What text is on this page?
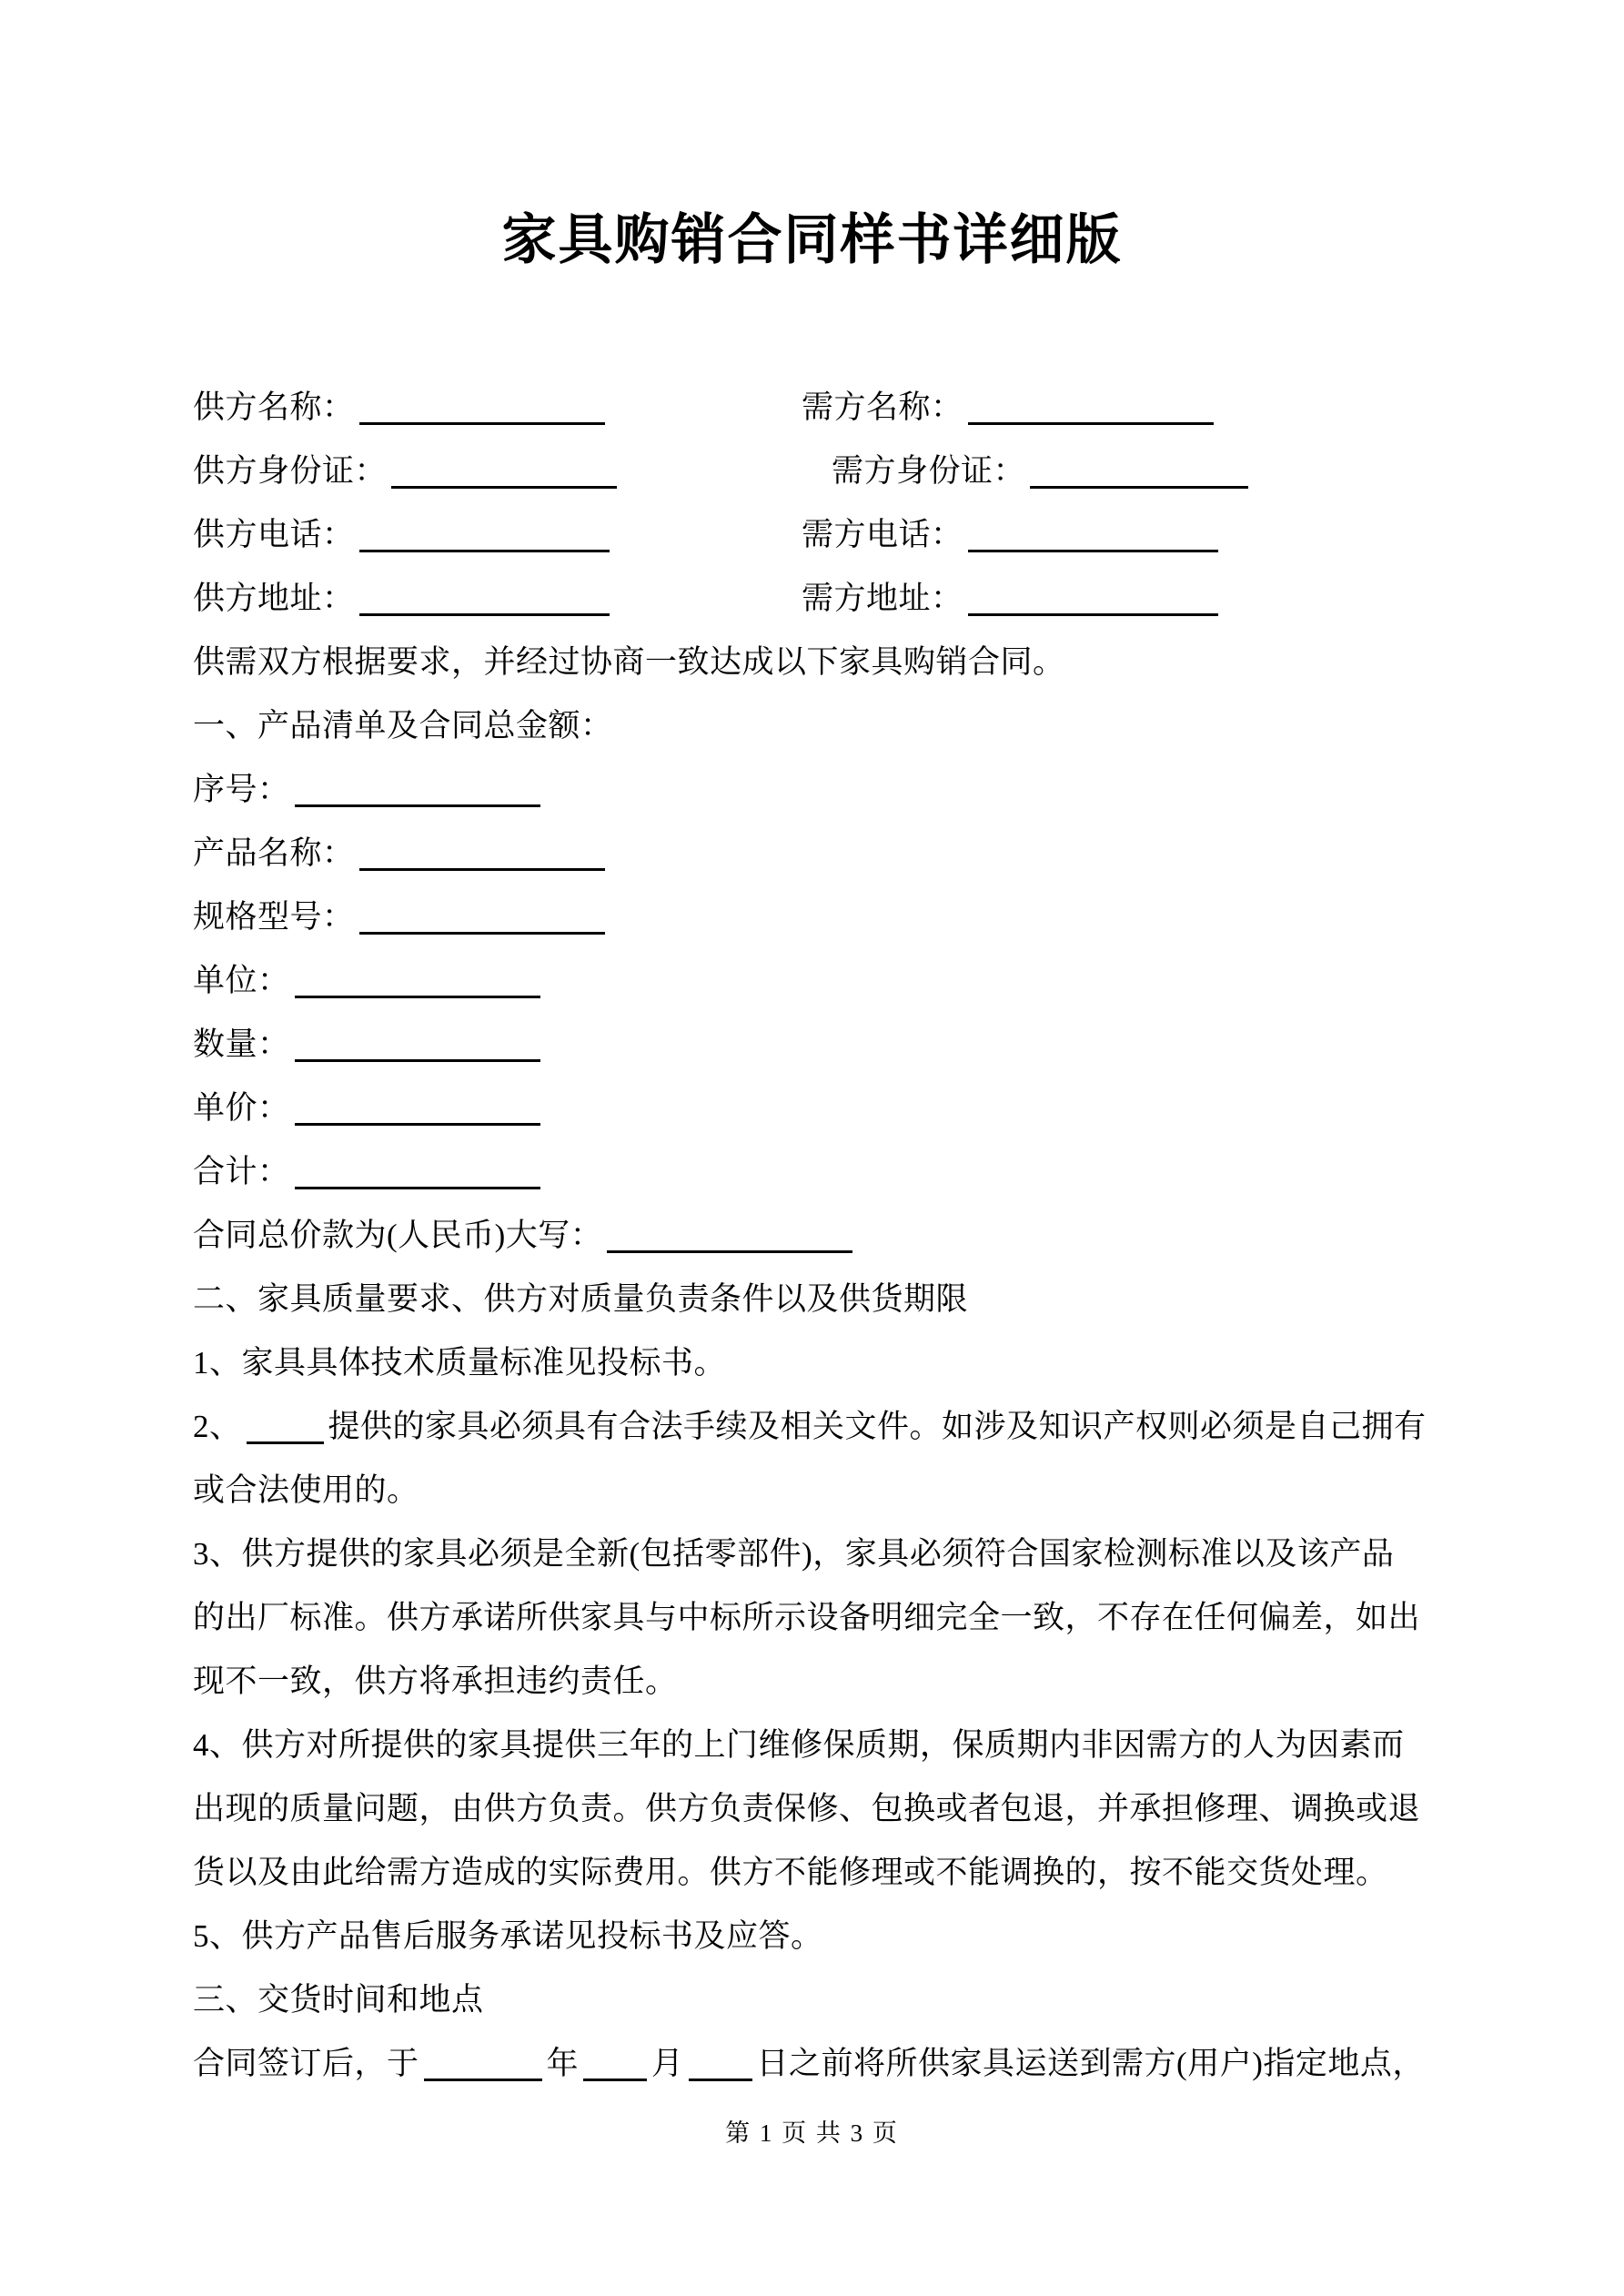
家具购销合同样书详细版
供方名称：	需方名称：
供方身份证：	需方身份证：
供方电话：	需方电话：
供方地址：	需方地址：
供需双方根据要求，并经过协商一致达成以下家具购销合同。
一、产品清单及合同总金额：
序号：
产品名称：
规格型号：
单位：
数量：
单价：
合计：
合同总价款为(人民币)大写：
二、家具质量要求、供方对质量负责条件以及供货期限
1、家具具体技术质量标准见投标书。
2、	提供的家具必须具有合法手续及相关文件。如涉及知识产权则必须是自己拥有
或合法使用的。
3、供方提供的家具必须是全新(包括零部件)，家具必须符合国家检测标准以及该产品
的出厂标准。供方承诺所供家具与中标所示设备明细完全一致，不存在任何偏差，如出
现不一致，供方将承担违约责任。
4、供方对所提供的家具提供三年的上门维修保质期，保质期内非因需方的人为因素而
出现的质量问题，由供方负责。供方负责保修、包换或者包退，并承担修理、调换或退
货以及由此给需方造成的实际费用。供方不能修理或不能调换的，按不能交货处理。
5、供方产品售后服务承诺见投标书及应答。
三、交货时间和地点
合同签订后，于	年 月 日之前将所供家具运送到需方(用户)指定地点，
第 1 页 共 3 页
